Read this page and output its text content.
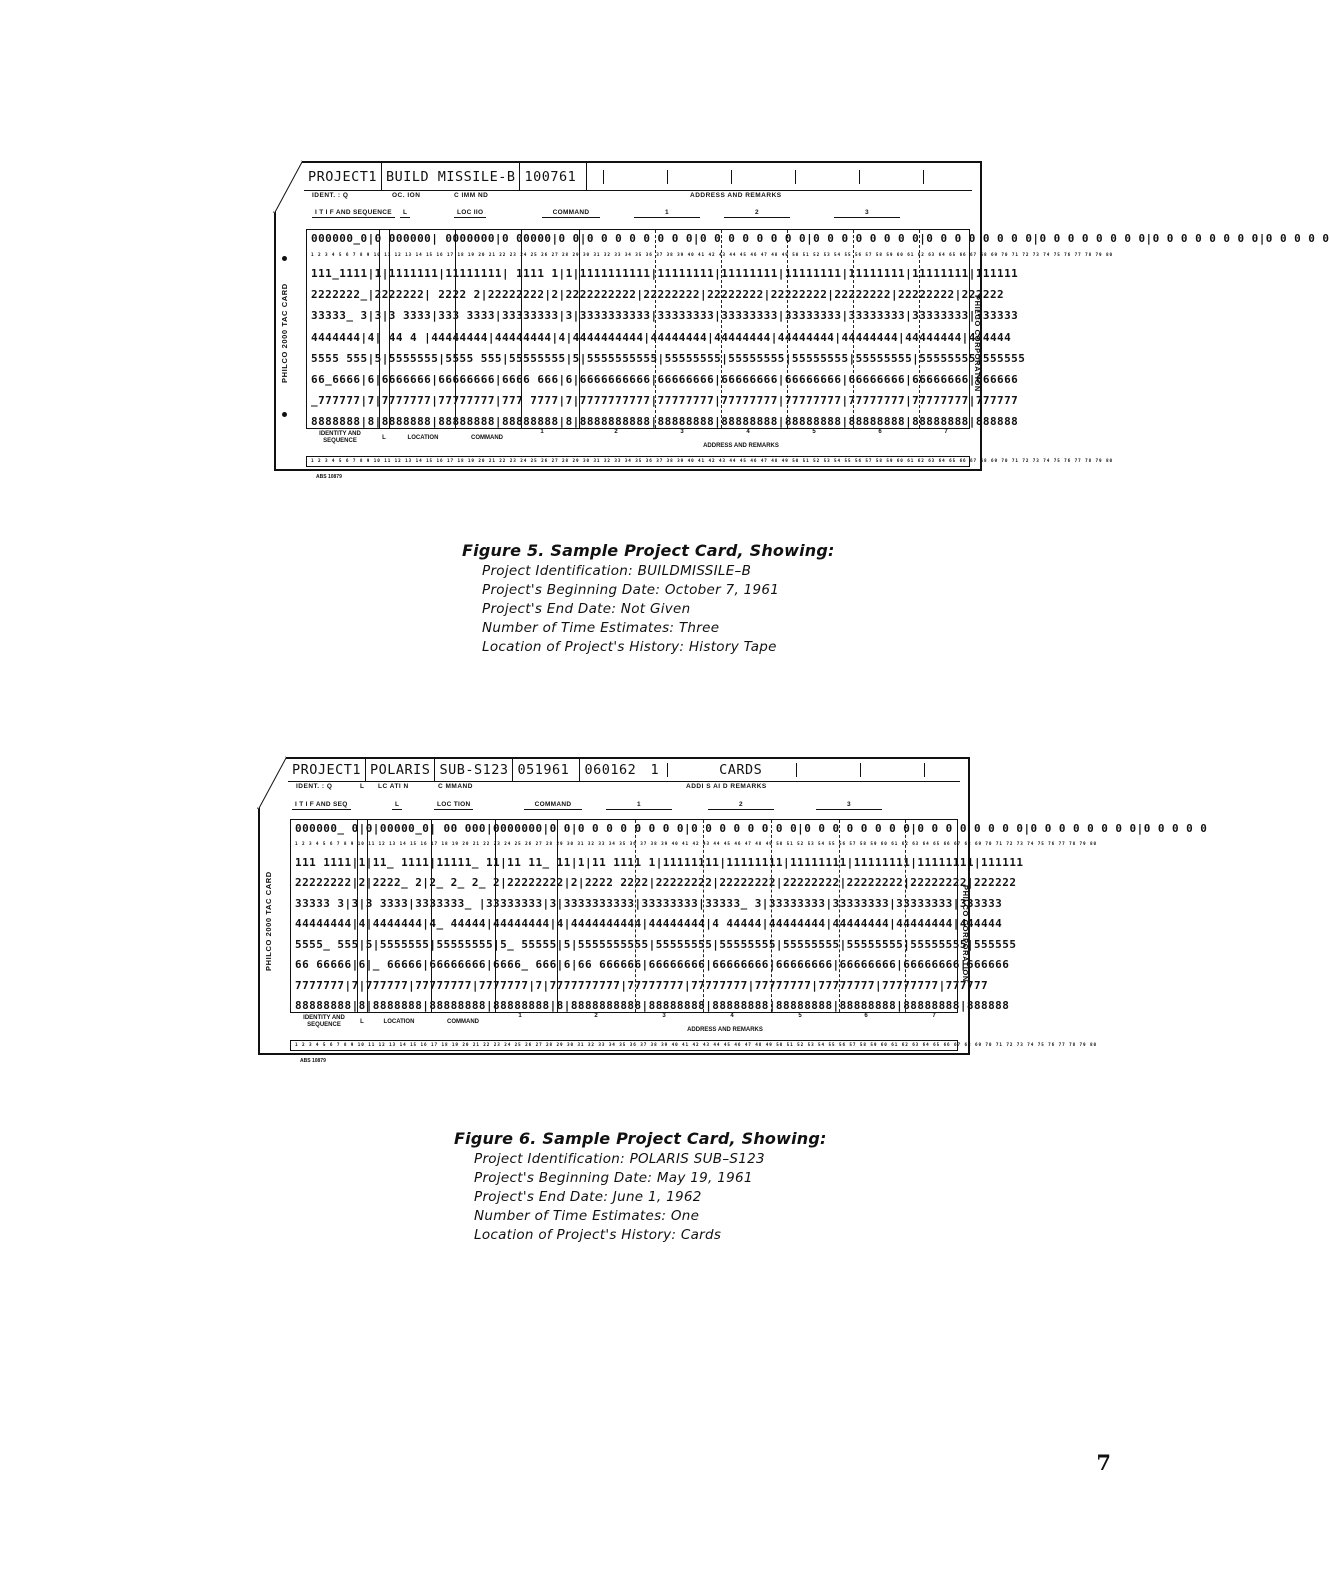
PROJECT1 BUILD MISSILE-B 100761
IDENT. : Q	OC. ION	C IMM ND	ADDRESS AND REMARKS
I T I F AND SEQUENCE	L	LOC IIO	COMMAND	1	2	3
PHILCO 2000 TAC CARD	PHILCO CORPORATION
000000_0|0 000000| 0000000|0 00000|0 0|0 0 0 0 0 0 0 0|0 0 0 0 0 0 0 0|0 0 0 0 0 0 0 0|0 0 0 0 0 0 0 0|0 0 0 0 0 0 0 0|0 0 0 0 0 0 0 0|0 0 0 0 0
1 2 3 4 5 6 7 8 9 10 11 12 13 14 15 16 17 18 19 20 21 22 23 24 25 26 27 28 29 30 31 32 33 34 35 36 37 38 39 40 41 42 43 44 45 46 47 48 49 50 51 52 53 54 55 56 57 58 59 60 61 62 63 64 65 66 67 68 69 70 71 72 73 74 75 76 77 78 79 80
111_1111|1|1111111|11111111| 1111 1|1|1111111111|11111111|11111111|11111111|11111111|11111111|111111
2222222_|2222222| 2222 2|22222222|2|2222222222|22222222|22222222|22222222|22222222|22222222|222222
33333_ 3|3|3 3333|333 3333|33333333|3|3333333333|33333333|33333333|33333333|33333333|33333333|333333
4444444|4| 44 4 |44444444|44444444|4|4444444444|44444444|44444444|44444444|44444444|44444444|444444
5555 555|5|5555555|5555 555|55555555|5|5555555555|55555555|55555555|55555555|55555555|55555555|555555
66_6666|6|6666666|66666666|6666 666|6|6666666666|66666666|66666666|66666666|66666666|66666666|666666
_777777|7|7777777|77777777|777 7777|7|7777777777|77777777|77777777|77777777|77777777|77777777|777777
8888888|8|8888888|88888888|88888888|8|8888888888|88888888|88888888|88888888|88888888|88888888|888888
IDENTITY AND SEQUENCE	L	LOCATION	COMMAND
1	2	3	4	5	6	7
ADDRESS AND REMARKS
1 2 3 4 5 6 7 8 9 10 11 12 13 14 15 16 17 18 19 20 21 22 23 24 25 26 27 28 29 30 31 32 33 34 35 36 37 38 39 40 41 42 43 44 45 46 47 48 49 50 51 52 53 54 55 56 57 58 59 60 61 62 63 64 65 66 67 68 69 70 71 72 73 74 75 76 77 78 79 80
ABS 10879
PROJECT1 POLARIS SUB-S123 051961	060162	1	CARDS
IDENT. : Q	L LC ATI N	C MMAND	ADDI S AI D REMARKS
I T I F AND SEQ	L	LOC TION	COMMAND	1	2	3
PHILCO 2000 TAC CARD	PHILCO CORPORATION
000000_ 0|0|00000_0| 00 000|0000000|0 0|0 0 0 0 0 0 0 0|0 0 0 0 0 0 0 0|0 0 0 0 0 0 0 0|0 0 0 0 0 0 0 0|0 0 0 0 0 0 0 0|0 0 0 0 0
1 2 3 4 5 6 7 8 9 10 11 12 13 14 15 16 17 18 19 20 21 22 23 24 25 26 27 28 29 30 31 32 33 34 35 36 37 38 39 40 41 42 43 44 45 46 47 48 49 50 51 52 53 54 55 56 57 58 59 60 61 62 63 64 65 66 67 68 69 70 71 72 73 74 75 76 77 78 79 80
111 1111|1|11_ 1111|11111_ 11|11 11_ 11|1|11 1111 1|11111111|11111111|11111111|11111111|11111111|111111
22222222|2|2222_ 2|2_ 2_ 2_ 2|22222222|2|2222 2222|22222222|22222222|22222222|22222222|22222222|222222
33333 3|3|3 3333|3333333_ |33333333|3|3333333333|33333333|33333_ 3|33333333|33333333|33333333|333333
44444444|4|4444444|4_ 44444|44444444|4|4444444444|44444444|4 44444|44444444|44444444|44444444|444444
5555_ 555|5|5555555|55555555|5_ 55555|5|5555555555|55555555|55555555|55555555|55555555|55555555|555555
66 66666|6|_ 66666|66666666|6666_ 666|6|66 666666|66666666|66666666|66666666|66666666|66666666|666666
7777777|7|777777|77777777|7777777|7|7777777777|77777777|77777777|77777777|77777777|77777777|777777
88888888|8|8888888|88888888|88888888|8|8888888888|88888888|88888888|88888888|88888888|88888888|888888
IDENTITY AND SEQUENCE	L	LOCATION	COMMAND
1	2	3	4	5	6	7
ADDRESS AND REMARKS
1 2 3 4 5 6 7 8 9 10 11 12 13 14 15 16 17 18 19 20 21 22 23 24 25 26 27 28 29 30 31 32 33 34 35 36 37 38 39 40 41 42 43 44 45 46 47 48 49 50 51 52 53 54 55 56 57 58 59 60 61 62 63 64 65 66 67 68 69 70 71 72 73 74 75 76 77 78 79 80
ABS 10879
Figure 5. Sample Project Card, Showing:
Project Identification: BUILDMISSILE–B
Project's Beginning Date: October 7, 1961
Project's End Date: Not Given
Number of Time Estimates: Three
Location of Project's History: History Tape
Figure 6. Sample Project Card, Showing:
Project Identification: POLARIS SUB–S123
Project's Beginning Date: May 19, 1961
Project's End Date: June 1, 1962
Number of Time Estimates: One
Location of Project's History: Cards
7
